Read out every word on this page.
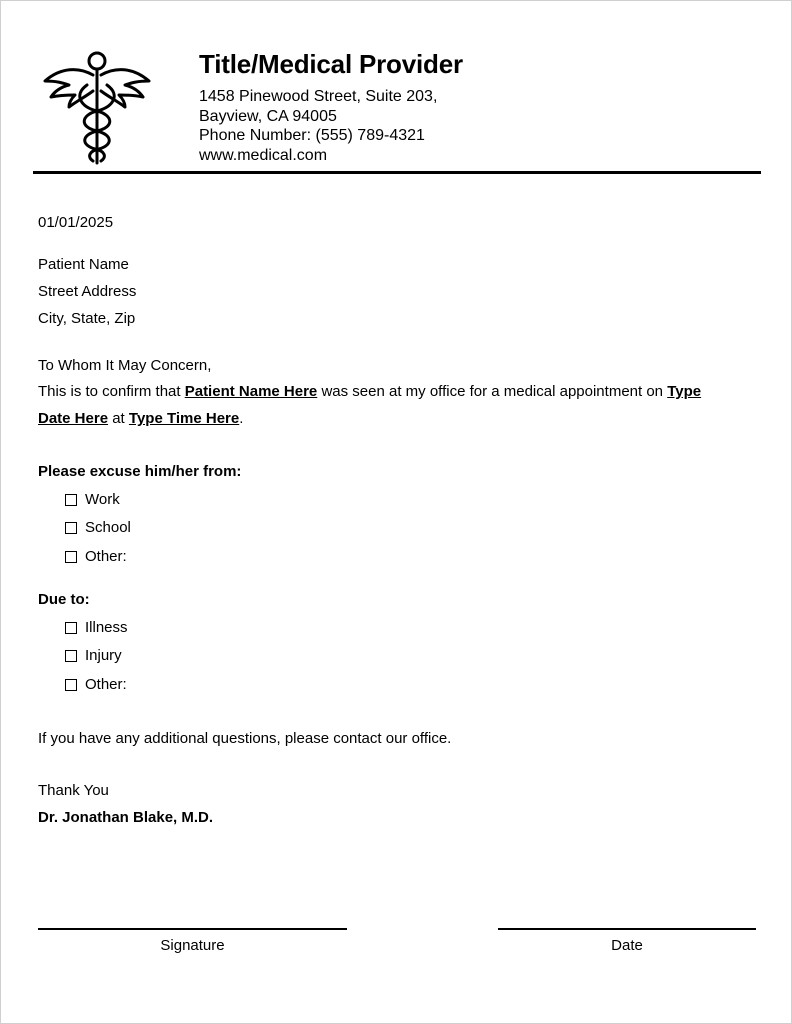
Title/Medical Provider
1458 Pinewood Street, Suite 203,
Bayview, CA 94005
Phone Number: (555) 789-4321
www.medical.com
01/01/2025
Patient Name
Street Address
City, State, Zip
To Whom It May Concern,
This is to confirm that Patient Name Here was seen at my office for a medical appointment on Type
Date Here at Type Time Here.
Please excuse him/her from:
Work
School
Other:
Due to:
Illness
Injury
Other:
If you have any additional questions, please contact our office.
Thank You
Dr. Jonathan Blake, M.D.
Signature	Date
